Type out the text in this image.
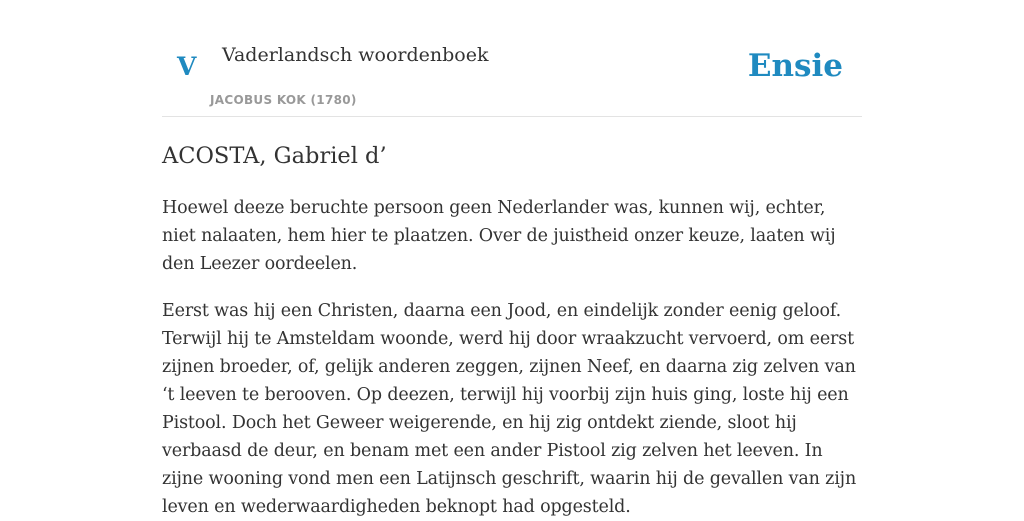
V Vaderlandsch woordenboek
JACOBUS KOK (1780)
Ensie
ACOSTA, Gabriel d’

Hoewel deeze beruchte persoon geen Nederlander was, kunnen wij, echter, niet nalaaten, hem hier te plaatzen. Over de juistheid onzer keuze, laaten wij den Leezer oordeelen.

Eerst was hij een Christen, daarna een Jood, en eindelijk zonder eenig geloof. Terwijl hij te Amsteldam woonde, werd hij door wraakzucht vervoerd, om eerst zijnen broeder, of, gelijk anderen zeggen, zijnen Neef, en daarna zig zelven van ‘t leeven te berooven. Op deezen, terwijl hij voorbij zijn huis ging, loste hij een Pistool. Doch het Geweer weigerende, en hij zig ontdekt ziende, sloot hij verbaasd de deur, en benam met een ander Pistool zig zelven het leeven. In zijne wooning vond men een Latijnsch geschrift, waarin hij de gevallen van zijn leven en wederwaardigheden beknopt had opgesteld.
